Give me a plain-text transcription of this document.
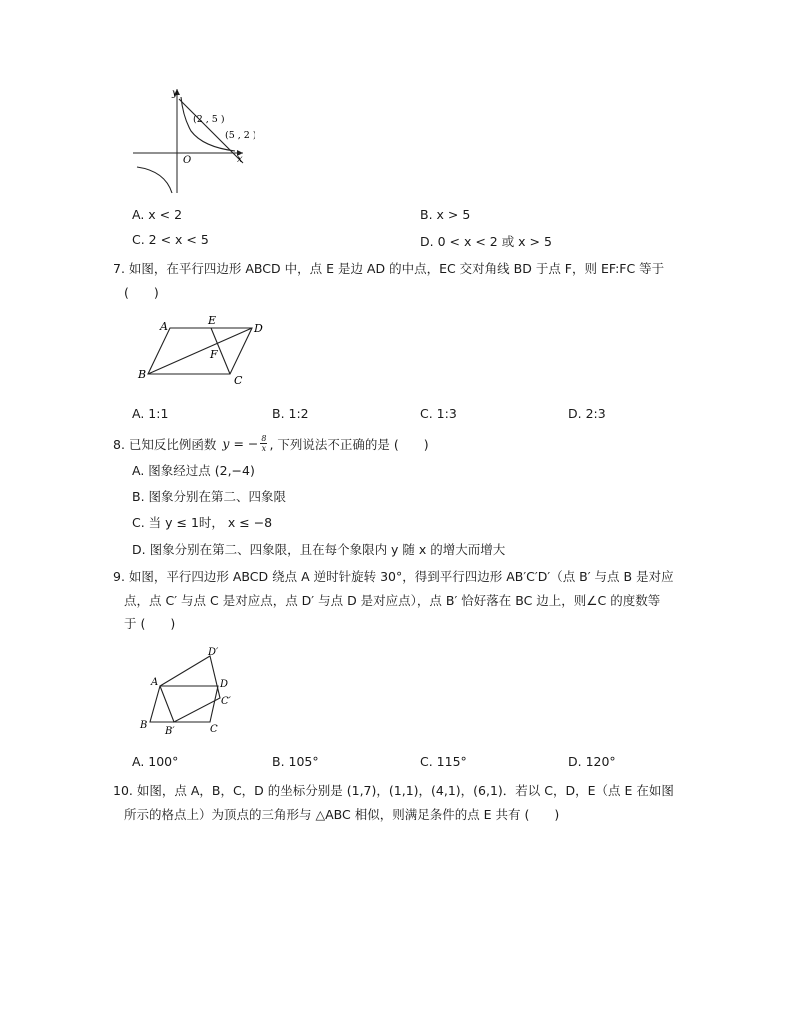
y
x
O
(2 , 5 )
(5 , 2 )
A. x < 2	B. x > 5
C. 2 < x < 5	D. 0 < x < 2 或 x > 5
7. 如图，在平行四边形 ABCD 中，点 E 是边 AD 的中点，EC 交对角线 BD 于点 F，则 EF:FC 等于
(　　)
A	E
D
F
B	C
A. 1:1	B. 1:2	C. 1:3	D. 2:3
8. 已知反比例函数 y = − $\frac{8}{x}$ , 下列说法不正确的是 (　　)
A. 图象经过点 (2,−4)
B. 图象分别在第二、四象限
C. 当 y ≤ 1时， x ≤ −8
D. 图象分别在第二、四象限，且在每个象限内 y 随 x 的增大而增大
9. 如图，平行四边形 ABCD 绕点 A 逆时针旋转 30°，得到平行四边形 AB′C′D′（点 B′ 与点 B 是对应
点，点 C′ 与点 C 是对应点，点 D′ 与点 D 是对应点），点 B′ 恰好落在 BC 边上，则∠C 的度数等
于 (　　)
D′
A	D
C′
B
B′	C
A. 100°	B. 105°	C. 115°	D. 120°
10. 如图，点 A，B，C，D 的坐标分别是 (1,7)，(1,1)，(4,1)，(6,1)．若以 C，D，E（点 E 在如图
所示的格点上）为顶点的三角形与 △ABC 相似，则满足条件的点 E 共有 (　　)
